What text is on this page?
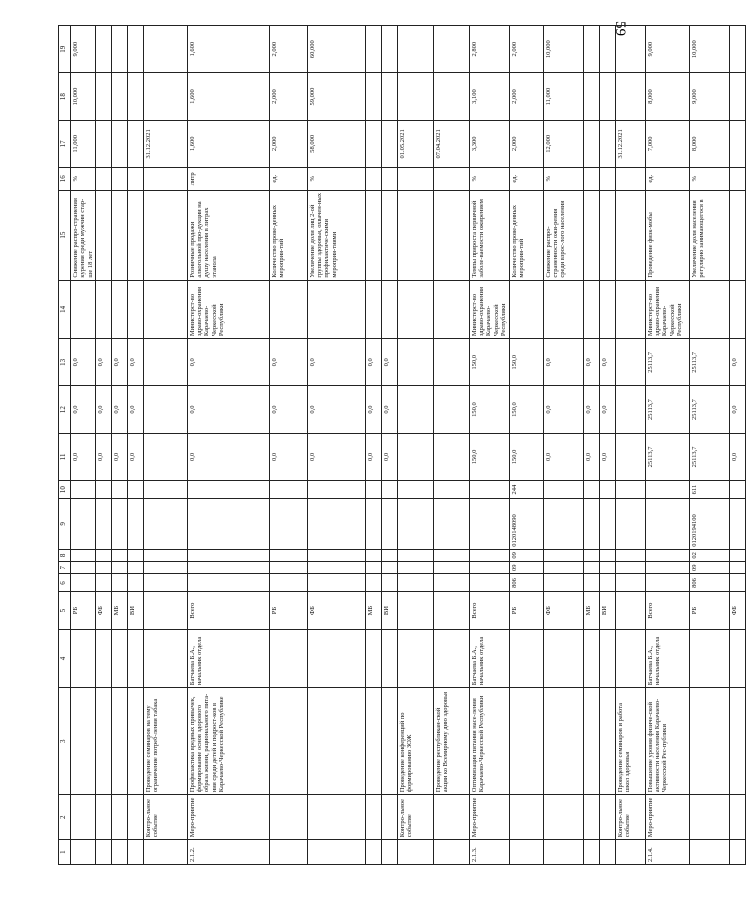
59
1	2	3	4	5	6	7	8	9	10	11	12	13	14	15	16	17	18	19
				РБ						0,0	0,0	0,0		Снижение распро-странения курения среди мужчин стар-ше 18 лет	%	11,000	10,000	9,000
				ФБ						0,0	0,0	0,0						
				МБ						0,0	0,0	0,0						
				ВИ						0,0	0,0	0,0						
	Контро-льное событие	Проведение семинаров на тему ограничение потреб-ления табака														31.12.2021		
2.1.2.	Меро-приятие	Профилактика вредных привычек, формирование основ здорового образа жизни, рационального пита-ния среди детей и подрост-ков в Карачаево-Черкесской Республике	Батчаева Б.А., начальник отдела	Всего						0,0	0,0	0,0	Министерст-во здраво-охранения Карачаево-Черкесской Республики	Розничные продажи алкогольной про-дукции на душу населения в литрах этанола	литр	1,600	1,600	1,600
				РБ						0,0	0,0	0,0		Количество прове-денных мероприя-тий	ед.	2,000	2,000	2,000
				ФБ						0,0	0,0	0,0		Увеличение доли лиц 2-ой группы здоровья, охвачен-ных профилактиче-скими мероприя-тиями	%	58,000	59,000	60,000
				МБ						0,0	0,0	0,0						
				ВИ						0,0	0,0	0,0						
	Контро-льное событие	Проведение конференций по формированию ЗОЖ														01.05.2021		
		Проведение республикан-ской акции ко Всемирному дню здоровья														07.04.2021		
2.1.3.	Меро-приятие	Оптимизация питания насе-ления Карачаево-Черкесской Республики	Батчаева Б.А., начальник отдела	Всего						150,0	150,0	150,0	Министерст-во здраво-охранения Карачаево-Черкесской Республики	Темпы прироста первичной заболе-ваемости ожирением	%	3,300	3,100	2,800
				РБ	806	09	09	0120148090	244	150,0	150,0	150,0		Количество прове-денных мероприя-тий	ед.	2,000	2,000	2,000
				ФБ						0,0	0,0	0,0		Снижение распро-страненности ожи-рения среди взрос-лого населения	%	12,000	11,000	10,000
				МБ						0,0	0,0	0,0						
				ВИ						0,0	0,0	0,0						
	Контро-льное событие	Проведение семинаров и работа школ здоровья														31.12.2021		
2.1.4.	Меро-приятие	Повышение уровня физиче-ской активности населения Карачаево-Черкесской Рес-публики	Батчаева Б.А., начальник отдела	Всего						25113,7	25113,7	25113,7	Министерст-во здраво-охранения Карачаево-Черкесской Республики	Проведение физк-мобы	ед.	7,000	8,000	9,000
				РБ	806	09	02	0120194100	611	25113,7	25113,7	25113,7		Увеличение доли населения регулярно занимающегося в	%	8,000	9,000	10,000
				ФБ						0,0	0,0	0,0						
